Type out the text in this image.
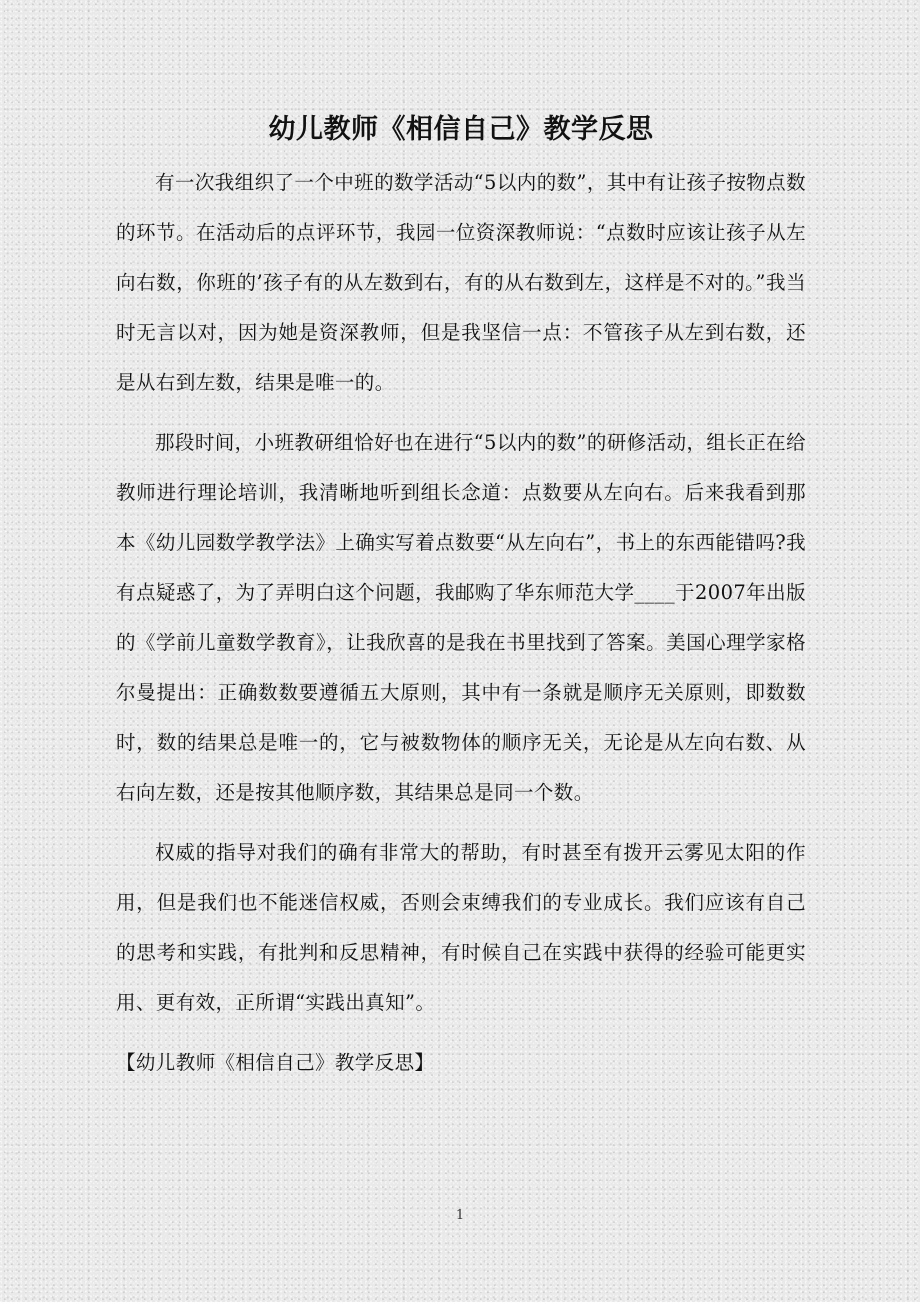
幼儿教师《相信自己》教学反思

有一次我组织了一个中班的数学活动“5以内的数”，其中有让孩子按物点数的环节。在活动后的点评环节，我园一位资深教师说：“点数时应该让孩子从左向右数，你班的’孩子有的从左数到右，有的从右数到左，这样是不对的。”我当时无言以对，因为她是资深教师，但是我坚信一点：不管孩子从左到右数，还是从右到左数，结果是唯一的。

那段时间，小班教研组恰好也在进行“5以内的数”的研修活动，组长正在给教师进行理论培训，我清晰地听到组长念道：点数要从左向右。后来我看到那本《幼儿园数学教学法》上确实写着点数要“从左向右”，书上的东西能错吗?我有点疑惑了，为了弄明白这个问题，我邮购了华东师范大学____于2007年出版的《学前儿童数学教育》，让我欣喜的是我在书里找到了答案。美国心理学家格尔曼提出：正确数数要遵循五大原则，其中有一条就是顺序无关原则，即数数时，数的结果总是唯一的，它与被数物体的顺序无关，无论是从左向右数、从右向左数，还是按其他顺序数，其结果总是同一个数。

权威的指导对我们的确有非常大的帮助，有时甚至有拨开云雾见太阳的作用，但是我们也不能迷信权威，否则会束缚我们的专业成长。我们应该有自己的思考和实践，有批判和反思精神，有时候自己在实践中获得的经验可能更实用、更有效，正所谓“实践出真知”。

【幼儿教师《相信自己》教学反思】

1
